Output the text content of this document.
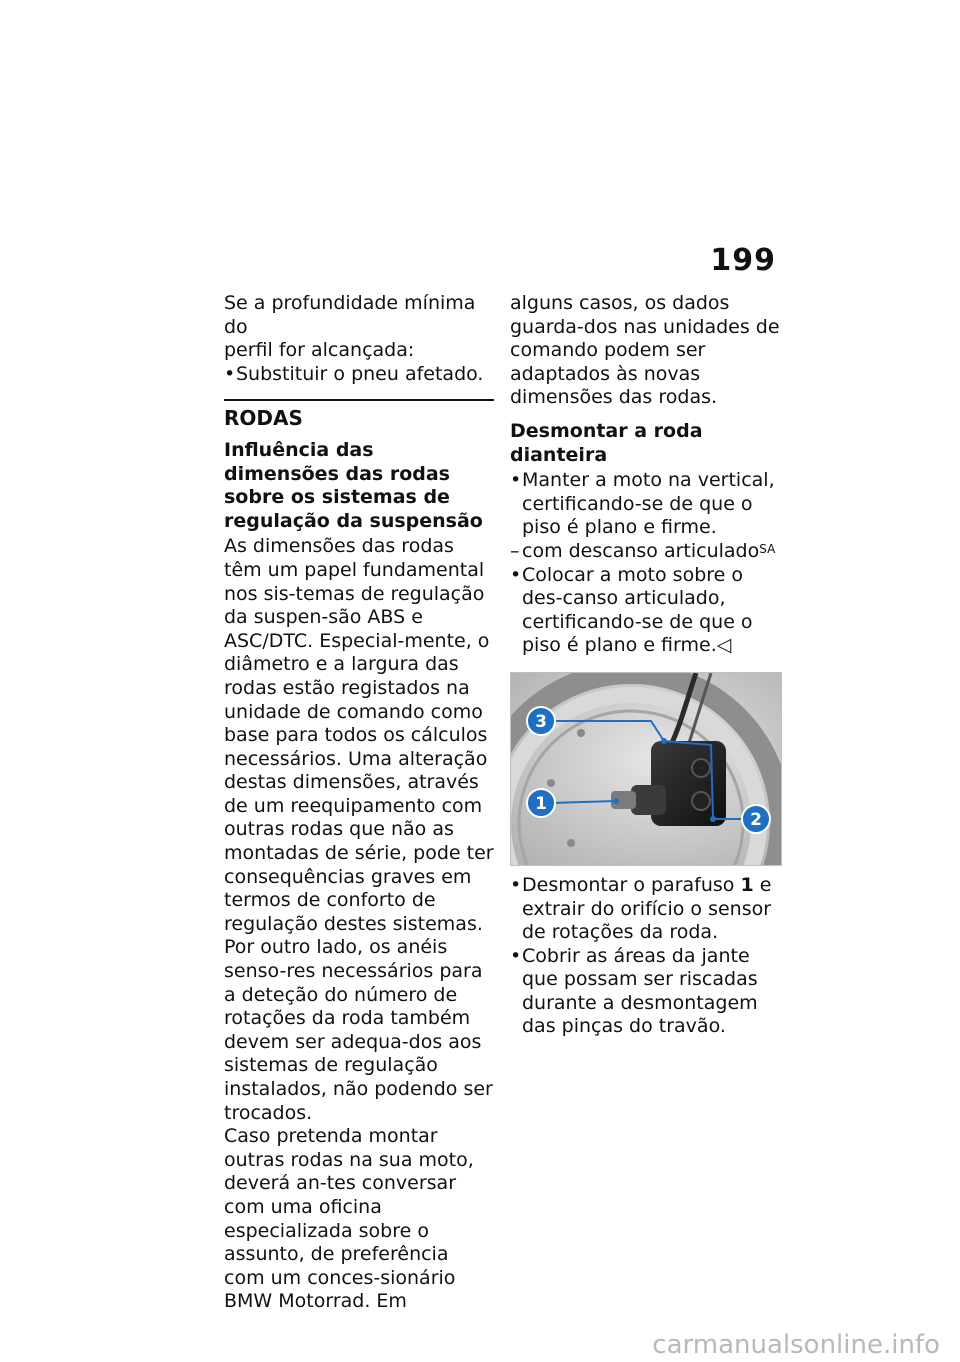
199

Se a profundidade mínima do

perfil for alcançada:

• Substituir o pneu afetado.

RODAS

Influência das dimensões das rodas sobre os sistemas de regulação da suspensão

As dimensões das rodas têm um papel fundamental nos sis-temas de regulação da suspen-são ABS e ASC/DTC. Especial-mente, o diâmetro e a largura das rodas estão registados na unidade de comando como base para todos os cálculos necessários. Uma alteração destas dimensões, através de um reequipamento com outras rodas que não as montadas de série, pode ter consequências graves em termos de conforto de regulação destes sistemas.

Por outro lado, os anéis senso-res necessários para a deteção do número de rotações da roda também devem ser adequa-dos aos sistemas de regulação instalados, não podendo ser trocados.

Caso pretenda montar outras rodas na sua moto, deverá an-tes conversar com uma oficina especializada sobre o assunto, de preferência com um conces-sionário BMW Motorrad. Em

alguns casos, os dados guarda-dos nas unidades de comando podem ser adaptados às novas dimensões das rodas.

Desmontar a roda dianteira

• Manter a moto na vertical, certificando-se de que o piso é plano e firme.

– com descanso articulado$^{SA}$

• Colocar a moto sobre o des-canso articulado, certificando-se de que o piso é plano e firme.◁

3
1
2

• Desmontar o parafuso 1 e extrair do orifício o sensor de rotações da roda.

• Cobrir as áreas da jante que possam ser riscadas durante a desmontagem das pinças do travão.

carmanualsonline.info
